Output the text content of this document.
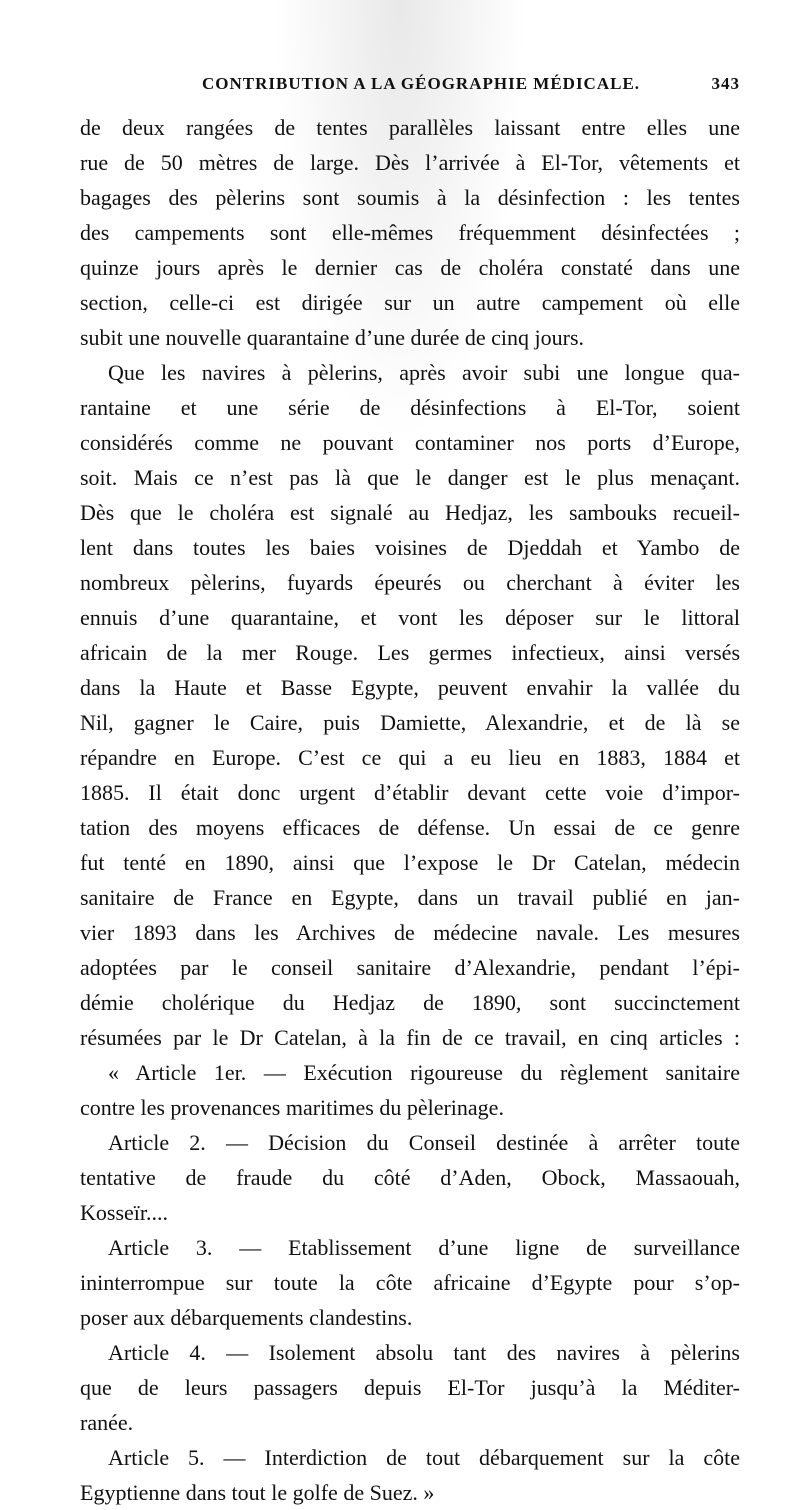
CONTRIBUTION A LA GÉOGRAPHIE MÉDICALE.	343
de deux rangées de tentes parallèles laissant entre elles une
rue de 50 mètres de large. Dès l’arrivée à El-Tor, vêtements et
bagages des pèlerins sont soumis à la désinfection : les tentes
des campements sont elle-mêmes fréquemment désinfectées ;
quinze jours après le dernier cas de choléra constaté dans une
section, celle-ci est dirigée sur un autre campement où elle
subit une nouvelle quarantaine d’une durée de cinq jours.
Que les navires à pèlerins, après avoir subi une longue qua-
rantaine et une série de désinfections à El-Tor, soient
considérés comme ne pouvant contaminer nos ports d’Europe,
soit. Mais ce n’est pas là que le danger est le plus menaçant.
Dès que le choléra est signalé au Hedjaz, les sambouks recueil-
lent dans toutes les baies voisines de Djeddah et Yambo de
nombreux pèlerins, fuyards épeurés ou cherchant à éviter les
ennuis d’une quarantaine, et vont les déposer sur le littoral
africain de la mer Rouge. Les germes infectieux, ainsi versés
dans la Haute et Basse Egypte, peuvent envahir la vallée du
Nil, gagner le Caire, puis Damiette, Alexandrie, et de là se
répandre en Europe. C’est ce qui a eu lieu en 1883, 1884 et
1885. Il était donc urgent d’établir devant cette voie d’impor-
tation des moyens efficaces de défense. Un essai de ce genre
fut tenté en 1890, ainsi que l’expose le Dr Catelan, médecin
sanitaire de France en Egypte, dans un travail publié en jan-
vier 1893 dans les Archives de médecine navale. Les mesures
adoptées par le conseil sanitaire d’Alexandrie, pendant l’épi-
démie cholérique du Hedjaz de 1890, sont succinctement
résumées par le Dr Catelan, à la fin de ce travail, en cinq articles :
« Article 1er. — Exécution rigoureuse du règlement sanitaire
contre les provenances maritimes du pèlerinage.
Article 2. — Décision du Conseil destinée à arrêter toute
tentative de fraude du côté d’Aden, Obock, Massaouah,
Kosseïr....
Article 3. — Etablissement d’une ligne de surveillance
ininterrompue sur toute la côte africaine d’Egypte pour s’op-
poser aux débarquements clandestins.
Article 4. — Isolement absolu tant des navires à pèlerins
que de leurs passagers depuis El-Tor jusqu’à la Méditer-
ranée.
Article 5. — Interdiction de tout débarquement sur la côte
Egyptienne dans tout le golfe de Suez. »
